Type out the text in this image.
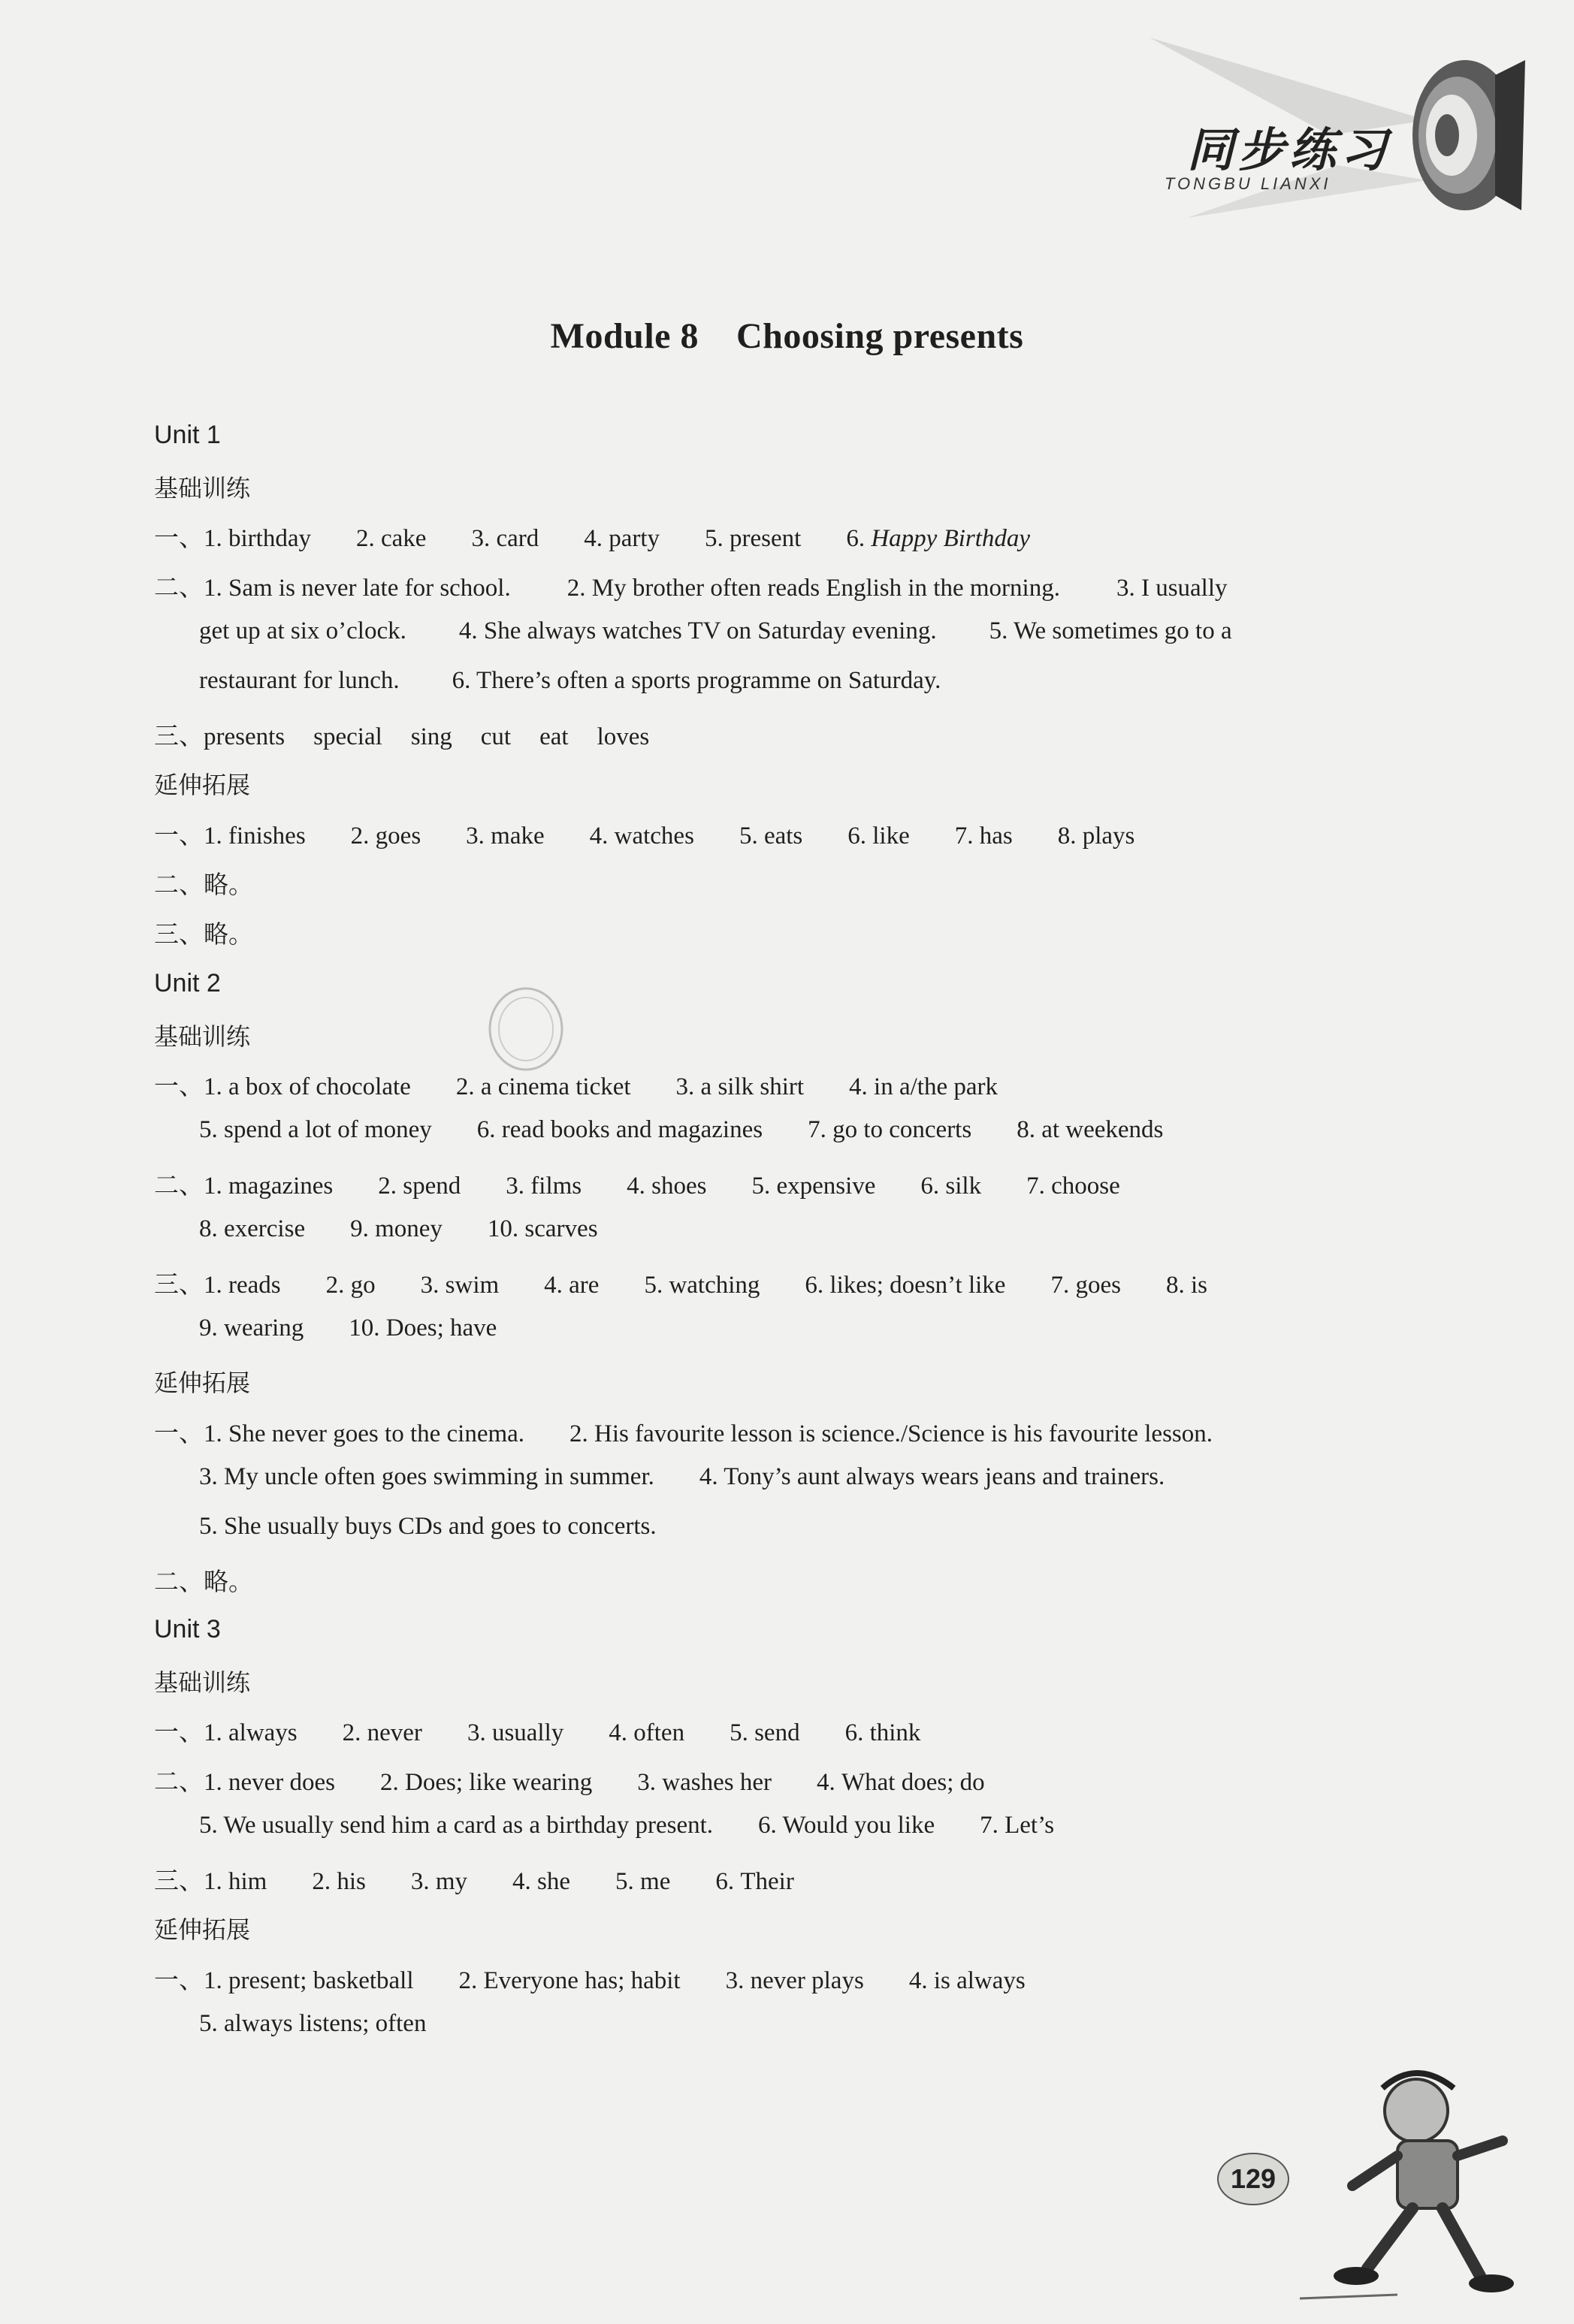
同步练习
TONGBU LIANXI
Module 8 Choosing presents
Unit 1
基础训练
一、1. birthday 2. cake 3. card 4. party 5. present 6. Happy Birthday
二、1. Sam is never late for school. 2. My brother often reads English in the morning. 3. I usually
get up at six o’clock. 4. She always watches TV on Saturday evening. 5. We sometimes go to a
restaurant for lunch. 6. There’s often a sports programme on Saturday.
三、presents special sing cut eat loves
延伸拓展
一、1. finishes 2. goes 3. make 4. watches 5. eats 6. like 7. has 8. plays
二、略。
三、略。
Unit 2
基础训练
一、1. a box of chocolate 2. a cinema ticket 3. a silk shirt 4. in a/the park
5. spend a lot of money 6. read books and magazines 7. go to concerts 8. at weekends
二、1. magazines 2. spend 3. films 4. shoes 5. expensive 6. silk 7. choose
8. exercise 9. money 10. scarves
三、1. reads 2. go 3. swim 4. are 5. watching 6. likes; doesn’t like 7. goes 8. is
9. wearing 10. Does; have
延伸拓展
一、1. She never goes to the cinema. 2. His favourite lesson is science./Science is his favourite lesson.
3. My uncle often goes swimming in summer. 4. Tony’s aunt always wears jeans and trainers.
5. She usually buys CDs and goes to concerts.
二、略。
Unit 3
基础训练
一、1. always 2. never 3. usually 4. often 5. send 6. think
二、1. never does 2. Does; like wearing 3. washes her 4. What does; do
5. We usually send him a card as a birthday present. 6. Would you like 7. Let’s
三、1. him 2. his 3. my 4. she 5. me 6. Their
延伸拓展
一、1. present; basketball 2. Everyone has; habit 3. never plays 4. is always
5. always listens; often
129
